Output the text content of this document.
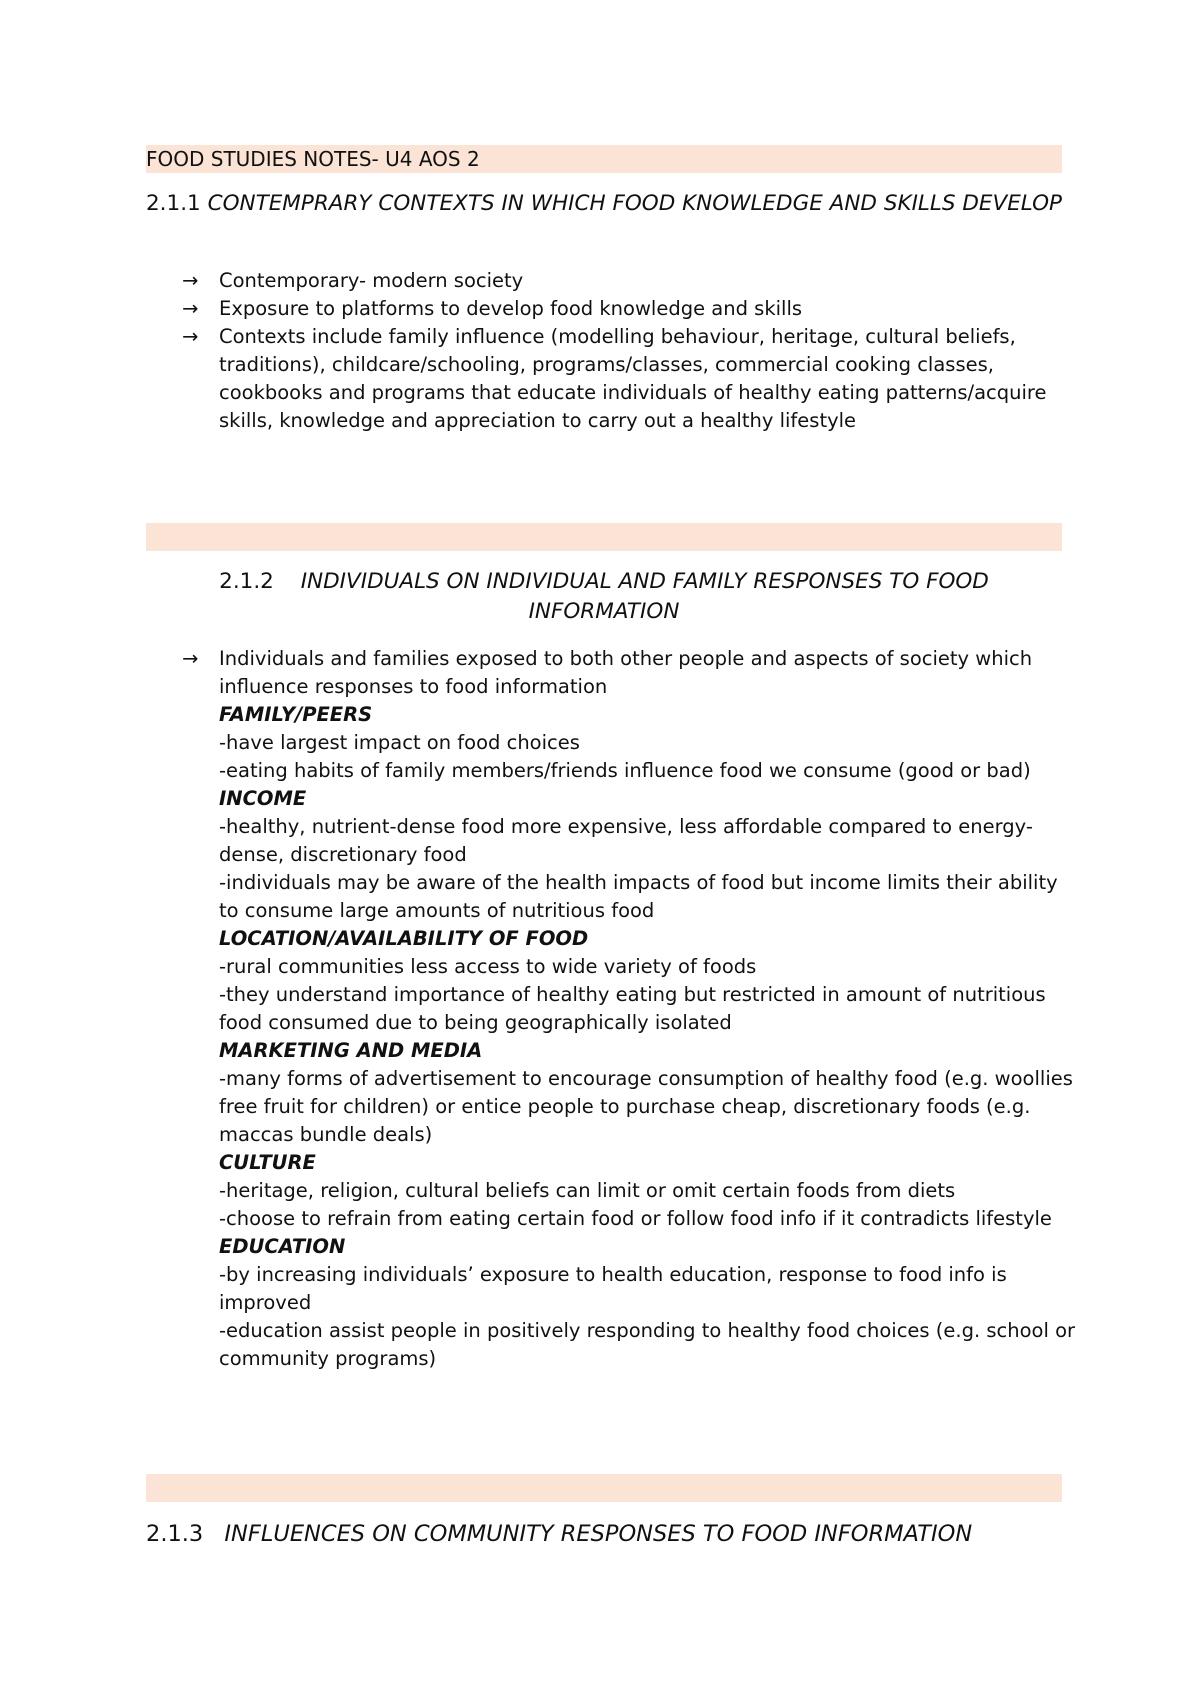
FOOD STUDIES NOTES- U4 AOS 2
2.1.1 CONTEMPRARY CONTEXTS IN WHICH FOOD KNOWLEDGE AND SKILLS DEVELOP
→ Contemporary- modern society
→ Exposure to platforms to develop food knowledge and skills
→ Contexts include family influence (modelling behaviour, heritage, cultural beliefs, traditions), childcare/schooling, programs/classes, commercial cooking classes, cookbooks and programs that educate individuals of healthy eating patterns/acquire skills, knowledge and appreciation to carry out a healthy lifestyle
2.1.2 INDIVIDUALS ON INDIVIDUAL AND FAMILY RESPONSES TO FOOD INFORMATION
→ Individuals and families exposed to both other people and aspects of society which influence responses to food information
FAMILY/PEERS
-have largest impact on food choices
-eating habits of family members/friends influence food we consume (good or bad)
INCOME
-healthy, nutrient-dense food more expensive, less affordable compared to energy-dense, discretionary food
-individuals may be aware of the health impacts of food but income limits their ability to consume large amounts of nutritious food
LOCATION/AVAILABILITY OF FOOD
-rural communities less access to wide variety of foods
-they understand importance of healthy eating but restricted in amount of nutritious food consumed due to being geographically isolated
MARKETING AND MEDIA
-many forms of advertisement to encourage consumption of healthy food (e.g. woollies free fruit for children) or entice people to purchase cheap, discretionary foods (e.g. maccas bundle deals)
CULTURE
-heritage, religion, cultural beliefs can limit or omit certain foods from diets
-choose to refrain from eating certain food or follow food info if it contradicts lifestyle
EDUCATION
-by increasing individuals’ exposure to health education, response to food info is improved
-education assist people in positively responding to healthy food choices (e.g. school or community programs)
2.1.3 INFLUENCES ON COMMUNITY RESPONSES TO FOOD INFORMATION
